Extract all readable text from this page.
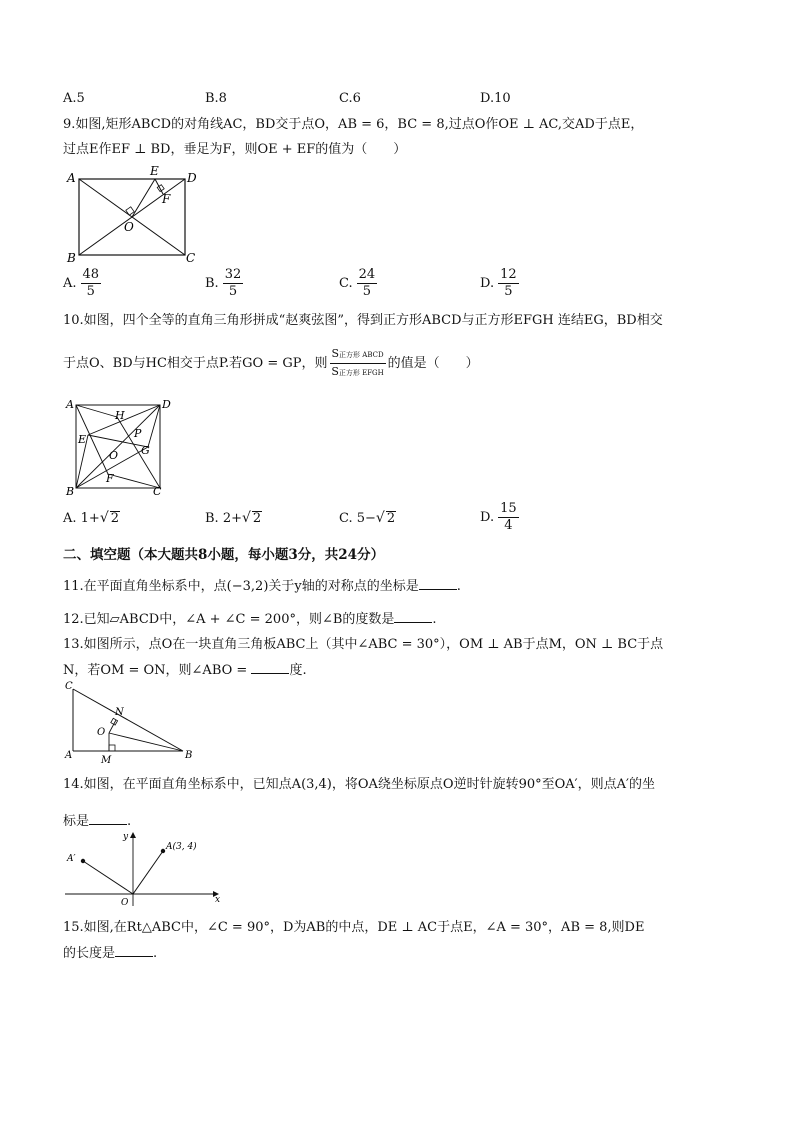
A.5	B.8	C.6	D.10
9.如图,矩形ABCD的对角线AC，BD交于点O，AB = 6，BC = 8,过点O作OE ⊥ AC,交AD于点E，
过点E作EF ⊥ BD，垂足为F，则OE + EF的值为（　　）
A	E D
F
O
B	C
A. $\frac{48}{5}$	B. $\frac{32}{5}$	C. $\frac{24}{5}$	D. $\frac{12}{5}$
10.如图，四个全等的直角三角形拼成“赵爽弦图”，得到正方形ABCD与正方形EFGH 连结EG，BD相交
于点O、BD与HC相交于点P.若GO = GP，则 $\frac{\text{S正方形 ABCD}}{\text{S正方形 EFGH}}$ 的值是（　　）
A	D
H
P
E
G
O
F
B	C
A. 1+√ 2	B. 2+√ 2	C. 5−√ 2	D. $\frac{15}{4}$
二、填空题（本大题共8小题，每小题3分，共24分）
11.在平面直角坐标系中，点(−3,2)关于y轴的对称点的坐标是	.
12.已知▱ABCD中，∠A + ∠C = 200°，则∠B的度数是	.
13.如图所示，点O在一块直角三角板ABC上（其中∠ABC = 30°），OM ⊥ AB于点M，ON ⊥ BC于点
N，若OM = ON，则∠ABO =	度.
C
N
O
A	M	B
14.如图，在平面直角坐标系中，已知点A(3,4)，将OA绕坐标原点O逆时针旋转90°至OA′，则点A′的坐
标是	.
y
A(3, 4)
A′
O	x
15.如图,在Rt△ABC中，∠C = 90°，D为AB的中点，DE ⊥ AC于点E，∠A = 30°，AB = 8,则DE
的长度是	.
